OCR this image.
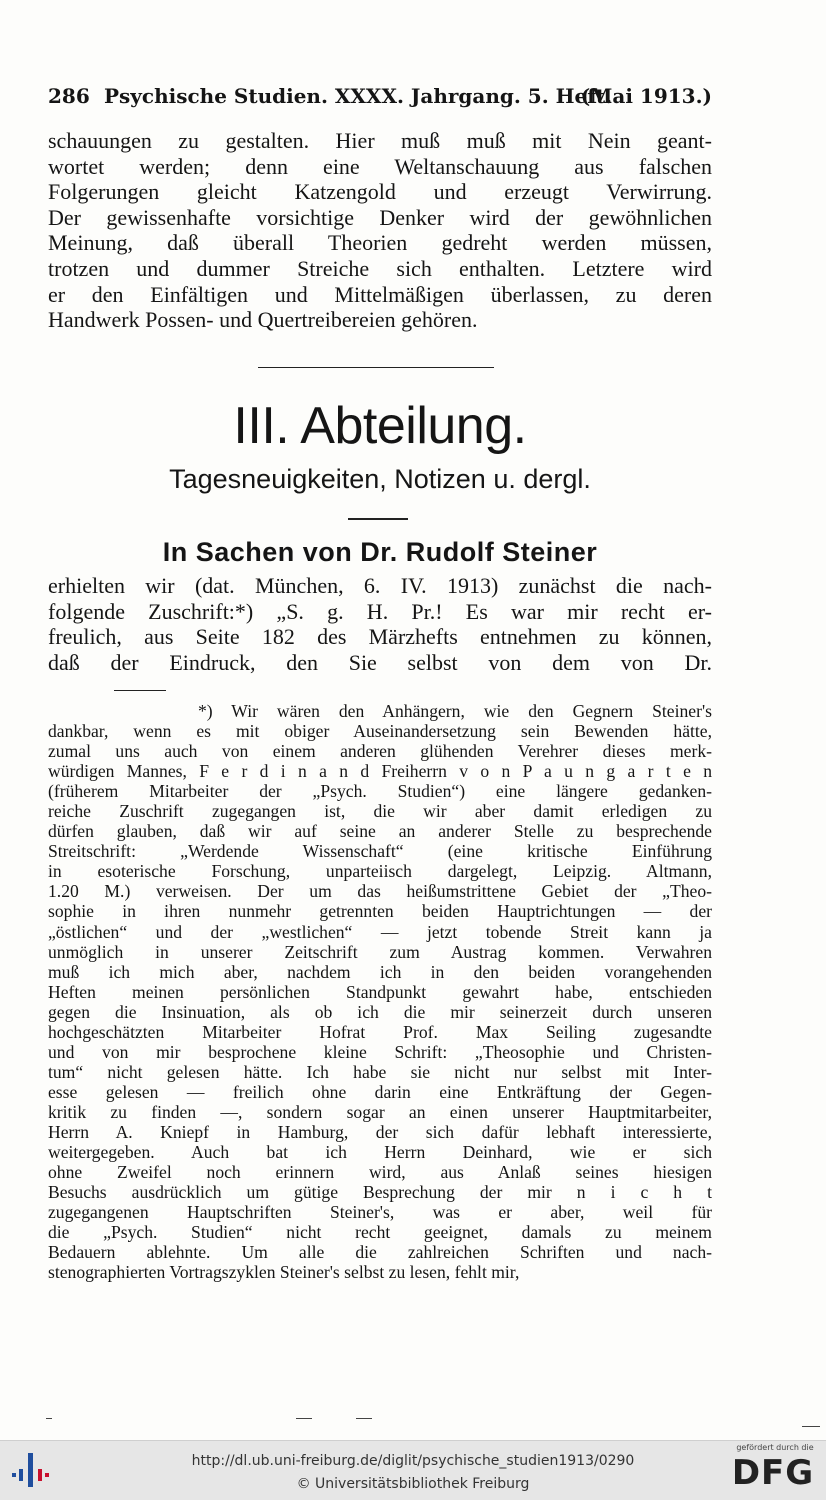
286 Psychische Studien. XXXX. Jahrgang. 5. Heft.
(Mai 1913.)
schauungen zu gestalten. Hier muß muß mit Nein geant-
wortet werden; denn eine Weltanschauung aus falschen
Folgerungen gleicht Katzengold und erzeugt Verwirrung.
Der gewissenhafte vorsichtige Denker wird der gewöhnlichen
Meinung, daß überall Theorien gedreht werden müssen,
trotzen und dummer Streiche sich enthalten. Letztere wird
er den Einfältigen und Mittelmäßigen überlassen, zu deren
Handwerk Possen- und Quertreibereien gehören.
III. Abteilung.
Tagesneuigkeiten, Notizen u. dergl.
In Sachen von Dr. Rudolf Steiner
erhielten wir (dat. München, 6. IV. 1913) zunächst die nach-
folgende Zuschrift:*) „S. g. H. Pr.! Es war mir recht er-
freulich, aus Seite 182 des Märzhefts entnehmen zu können,
daß der Eindruck, den Sie selbst von dem von Dr.
*) Wir wären den Anhängern, wie den Gegnern Steiner's
dankbar, wenn es mit obiger Auseinandersetzung sein Bewenden hätte,
zumal uns auch von einem anderen glühenden Verehrer dieses merk-
würdigen Mannes, F e r d i n a n d Freiherrn v o n P a u n g a r t e n
(früherem Mitarbeiter der „Psych. Studien“) eine längere gedanken-
reiche Zuschrift zugegangen ist, die wir aber damit erledigen zu
dürfen glauben, daß wir auf seine an anderer Stelle zu besprechende
Streitschrift: „Werdende Wissenschaft“ (eine kritische Einführung
in esoterische Forschung, unparteiisch dargelegt, Leipzig. Altmann,
1.20 M.) verweisen. Der um das heißumstrittene Gebiet der „Theo-
sophie in ihren nunmehr getrennten beiden Hauptrichtungen — der
„östlichen“ und der „westlichen“ — jetzt tobende Streit kann ja
unmöglich in unserer Zeitschrift zum Austrag kommen. Verwahren
muß ich mich aber, nachdem ich in den beiden vorangehenden
Heften meinen persönlichen Standpunkt gewahrt habe, entschieden
gegen die Insinuation, als ob ich die mir seinerzeit durch unseren
hochgeschätzten Mitarbeiter Hofrat Prof. Max Seiling zugesandte
und von mir besprochene kleine Schrift: „Theosophie und Christen-
tum“ nicht gelesen hätte. Ich habe sie nicht nur selbst mit Inter-
esse gelesen — freilich ohne darin eine Entkräftung der Gegen-
kritik zu finden —, sondern sogar an einen unserer Hauptmitarbeiter,
Herrn A. Kniepf in Hamburg, der sich dafür lebhaft interessierte,
weitergegeben. Auch bat ich Herrn Deinhard, wie er sich
ohne Zweifel noch erinnern wird, aus Anlaß seines hiesigen
Besuchs ausdrücklich um gütige Besprechung der mir n i c h t
zugegangenen Hauptschriften Steiner's, was er aber, weil für
die „Psych. Studien“ nicht recht geeignet, damals zu meinem
Bedauern ablehnte. Um alle die zahlreichen Schriften und nach-
stenographierten Vortragszyklen Steiner's selbst zu lesen, fehlt mir,
http://dl.ub.uni-freiburg.de/diglit/psychische_studien1913/0290
© Universitätsbibliothek Freiburg
gefördert durch die
DFG
